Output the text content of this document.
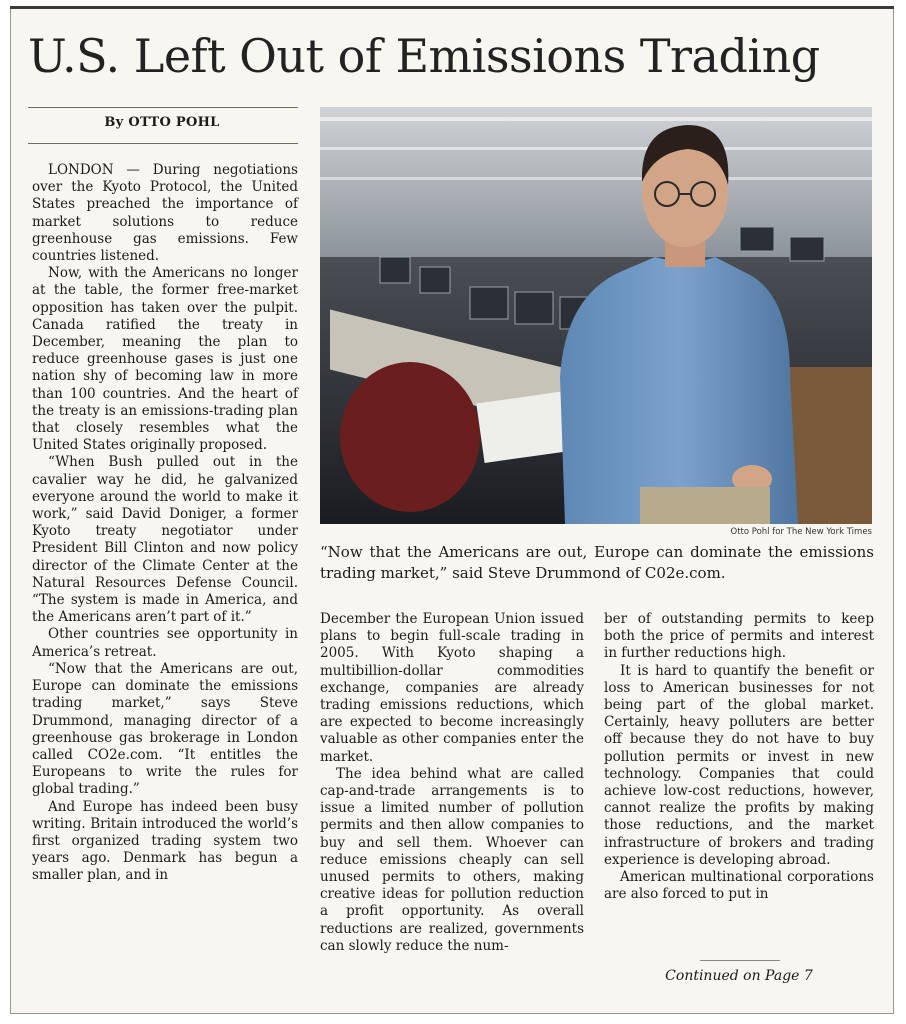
U.S. Left Out of Emissions Trading
By OTTO POHL

LONDON — During negotiations over the Kyoto Protocol, the United States preached the importance of market solutions to reduce greenhouse gas emissions. Few countries listened.

Now, with the Americans no longer at the table, the former free-market opposition has taken over the pulpit. Canada ratified the treaty in December, meaning the plan to reduce greenhouse gases is just one nation shy of becoming law in more than 100 countries. And the heart of the treaty is an emissions-trading plan that closely resembles what the United States originally proposed.

“When Bush pulled out in the cavalier way he did, he galvanized everyone around the world to make it work,” said David Doniger, a former Kyoto treaty negotiator under President Bill Clinton and now policy director of the Climate Center at the Natural Resources Defense Council. “The system is made in America, and the Americans aren’t part of it.”

Other countries see opportunity in America’s retreat.

“Now that the Americans are out, Europe can dominate the emissions trading market,” says Steve Drummond, managing director of a greenhouse gas brokerage in London called CO2e.com. “It entitles the Europeans to write the rules for global trading.”

And Europe has indeed been busy writing. Britain introduced the world’s first organized trading system two years ago. Denmark has begun a smaller plan, and in

Otto Pohl for The New York Times

“Now that the Americans are out, Europe can dominate the emissions trading market,” said Steve Drummond of C02e.com.

December the European Union issued plans to begin full-scale trading in 2005. With Kyoto shaping a multibillion-dollar commodities exchange, companies are already trading emissions reductions, which are expected to become increasingly valuable as other companies enter the market.

The idea behind what are called cap-and-trade arrangements is to issue a limited number of pollution permits and then allow companies to buy and sell them. Whoever can reduce emissions cheaply can sell unused permits to others, making creative ideas for pollution reduction a profit opportunity. As overall reductions are realized, governments can slowly reduce the num-

ber of outstanding permits to keep both the price of permits and interest in further reductions high.

It is hard to quantify the benefit or loss to American businesses for not being part of the global market. Certainly, heavy polluters are better off because they do not have to buy pollution permits or invest in new technology. Companies that could achieve low-cost reductions, however, cannot realize the profits by making those reductions, and the market infrastructure of brokers and trading experience is developing abroad.

American multinational corporations are also forced to put in

Continued on Page 7
